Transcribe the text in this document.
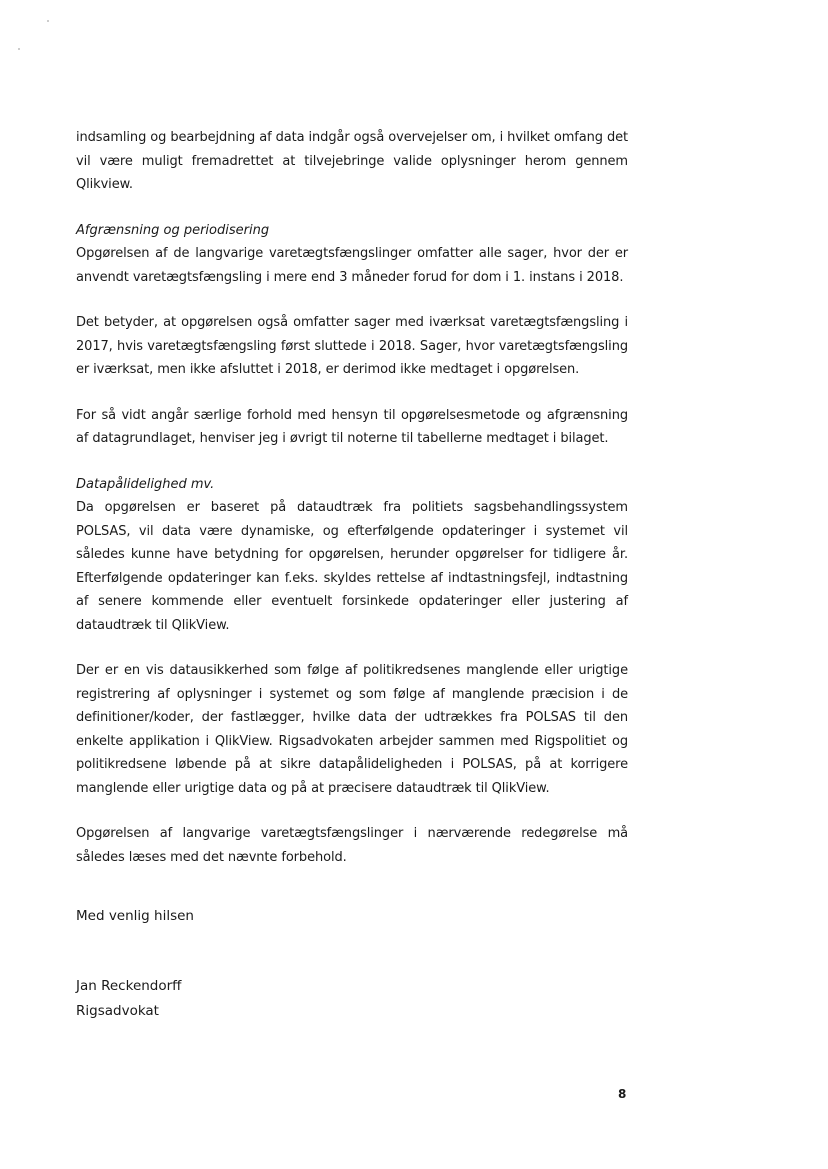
indsamling og bearbejdning af data indgår også overvejelser om, i hvilket omfang det vil være muligt fremadrettet at tilvejebringe valide oplysninger herom gennem Qlikview.

Afgrænsning og periodisering

Opgørelsen af de langvarige varetægtsfængslinger omfatter alle sager, hvor der er anvendt varetægtsfængsling i mere end 3 måneder forud for dom i 1. instans i 2018.

Det betyder, at opgørelsen også omfatter sager med iværksat varetægtsfængsling i 2017, hvis varetægtsfængsling først sluttede i 2018. Sager, hvor varetægtsfængsling er iværksat, men ikke afsluttet i 2018, er derimod ikke medtaget i opgørelsen.

For så vidt angår særlige forhold med hensyn til opgørelsesmetode og afgrænsning af datagrundlaget, henviser jeg i øvrigt til noterne til tabellerne medtaget i bilaget.

Datapålidelighed mv.

Da opgørelsen er baseret på dataudtræk fra politiets sagsbehandlingssystem POLSAS, vil data være dynamiske, og efterfølgende opdateringer i systemet vil således kunne have betydning for opgørelsen, herunder opgørelser for tidligere år. Efterfølgende opdateringer kan f.eks. skyldes rettelse af indtastningsfejl, indtastning af senere kommende eller eventuelt forsinkede opdateringer eller justering af dataudtræk til QlikView.

Der er en vis datausikkerhed som følge af politikredsenes manglende eller urigtige registrering af oplysninger i systemet og som følge af manglende præcision i de definitioner/koder, der fastlægger, hvilke data der udtrækkes fra POLSAS til den enkelte applikation i QlikView. Rigsadvokaten arbejder sammen med Rigspolitiet og politikredsene løbende på at sikre datapålideligheden i POLSAS, på at korrigere manglende eller urigtige data og på at præcisere dataudtræk til QlikView.

Opgørelsen af langvarige varetægtsfængslinger i nærværende redegørelse må således læses med det nævnte forbehold.

Med venlig hilsen
Jan Reckendorff
Rigsadvokat
8
